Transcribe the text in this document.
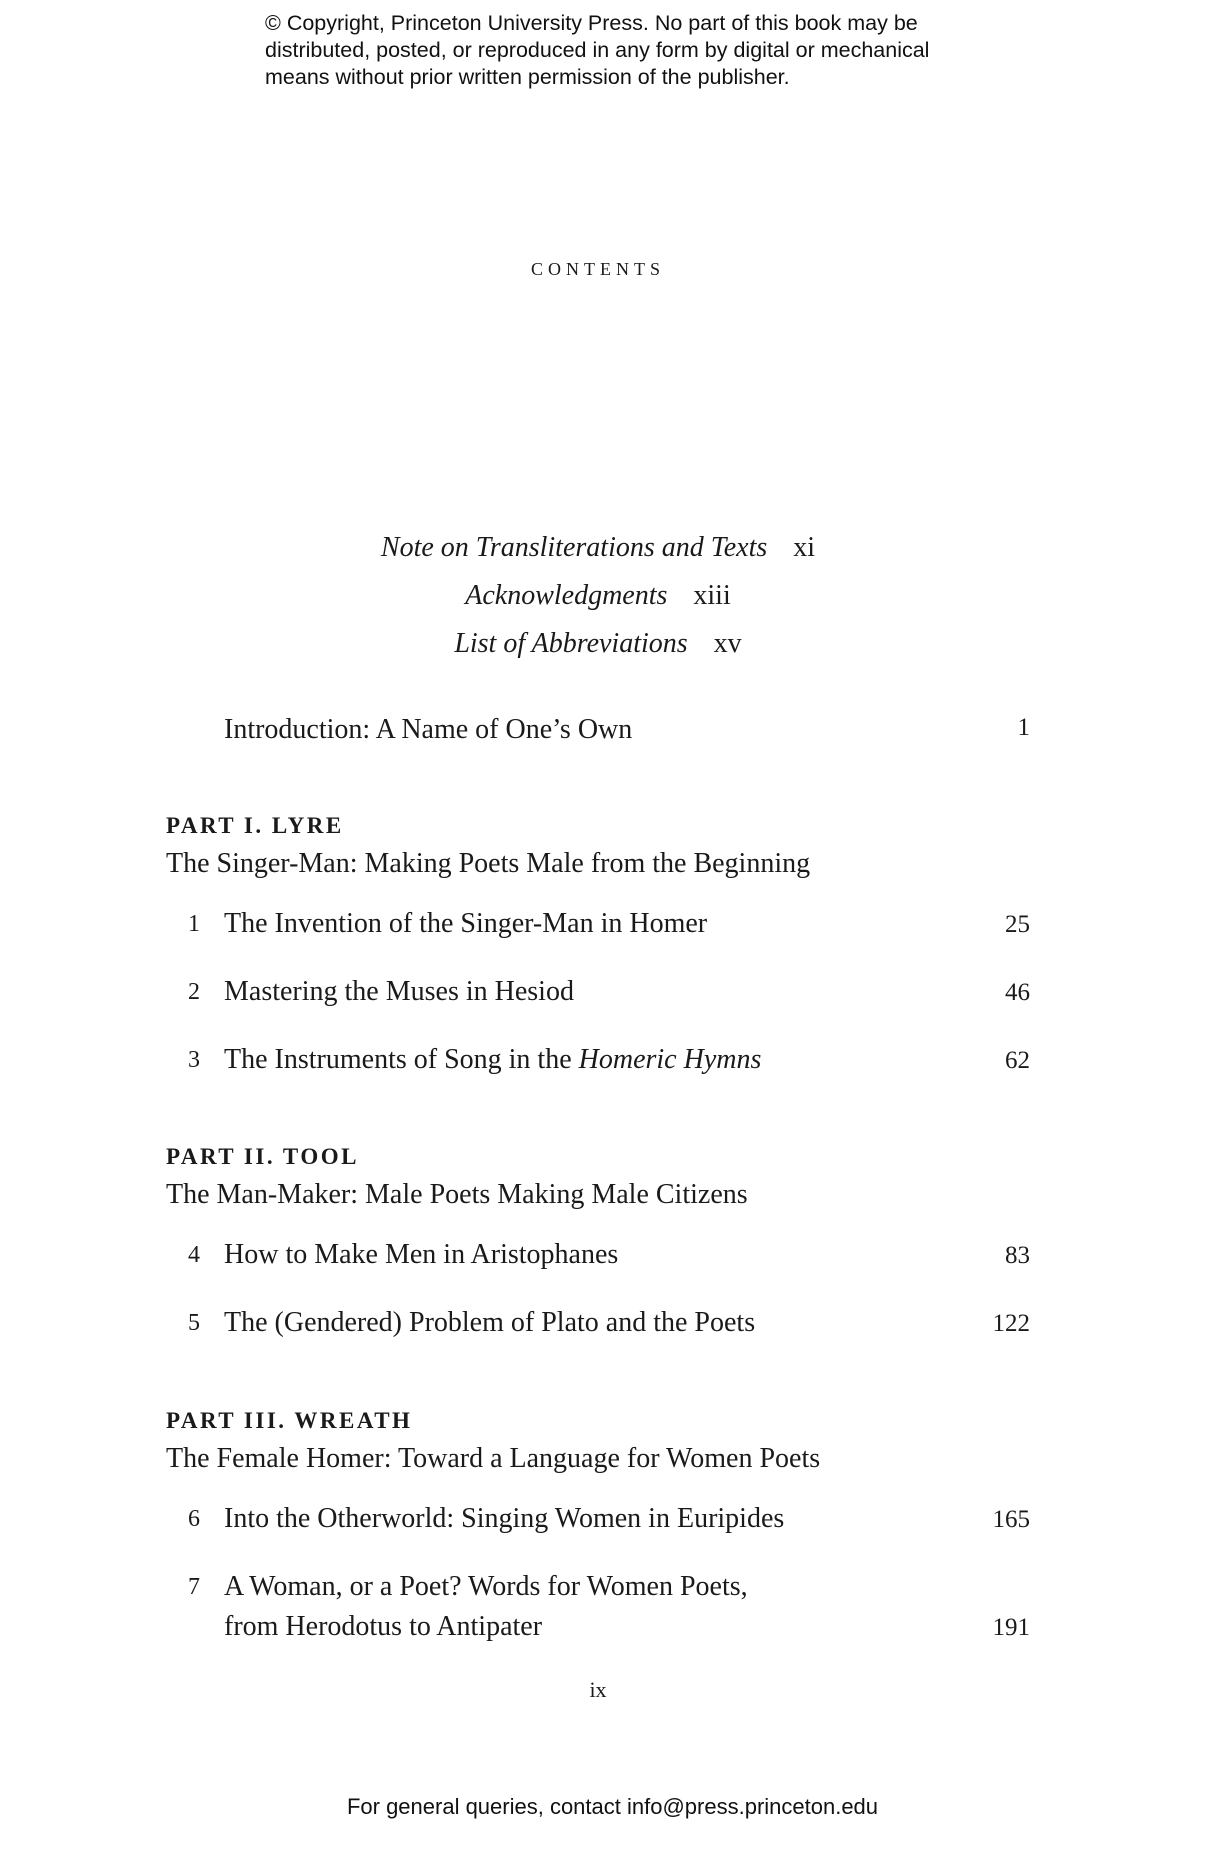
© Copyright, Princeton University Press. No part of this book may be
distributed, posted, or reproduced in any form by digital or mechanical
means without prior written permission of the publisher.
contents
Note on Transliterations and Texts xi
Acknowledgments xiii
List of Abbreviations xv
Introduction: A Name of One’s Own	1
PART I. LYRE
The Singer-Man: Making Poets Male from the Beginning
1 The Invention of the Singer-Man in Homer	25
2 Mastering the Muses in Hesiod	46
3 The Instruments of Song in the Homeric Hymns	62
PART II. TOOL
The Man-Maker: Male Poets Making Male Citizens
4 How to Make Men in Aristophanes	83
5 The (Gendered) Problem of Plato and the Poets	122
PART III. WREATH
The Female Homer: Toward a Language for Women Poets
6 Into the Otherworld: Singing Women in Euripides	165
7 A Woman, or a Poet? Words for Women Poets,
from Herodotus to Antipater	191
ix
For general queries, contact info@press.princeton.edu
